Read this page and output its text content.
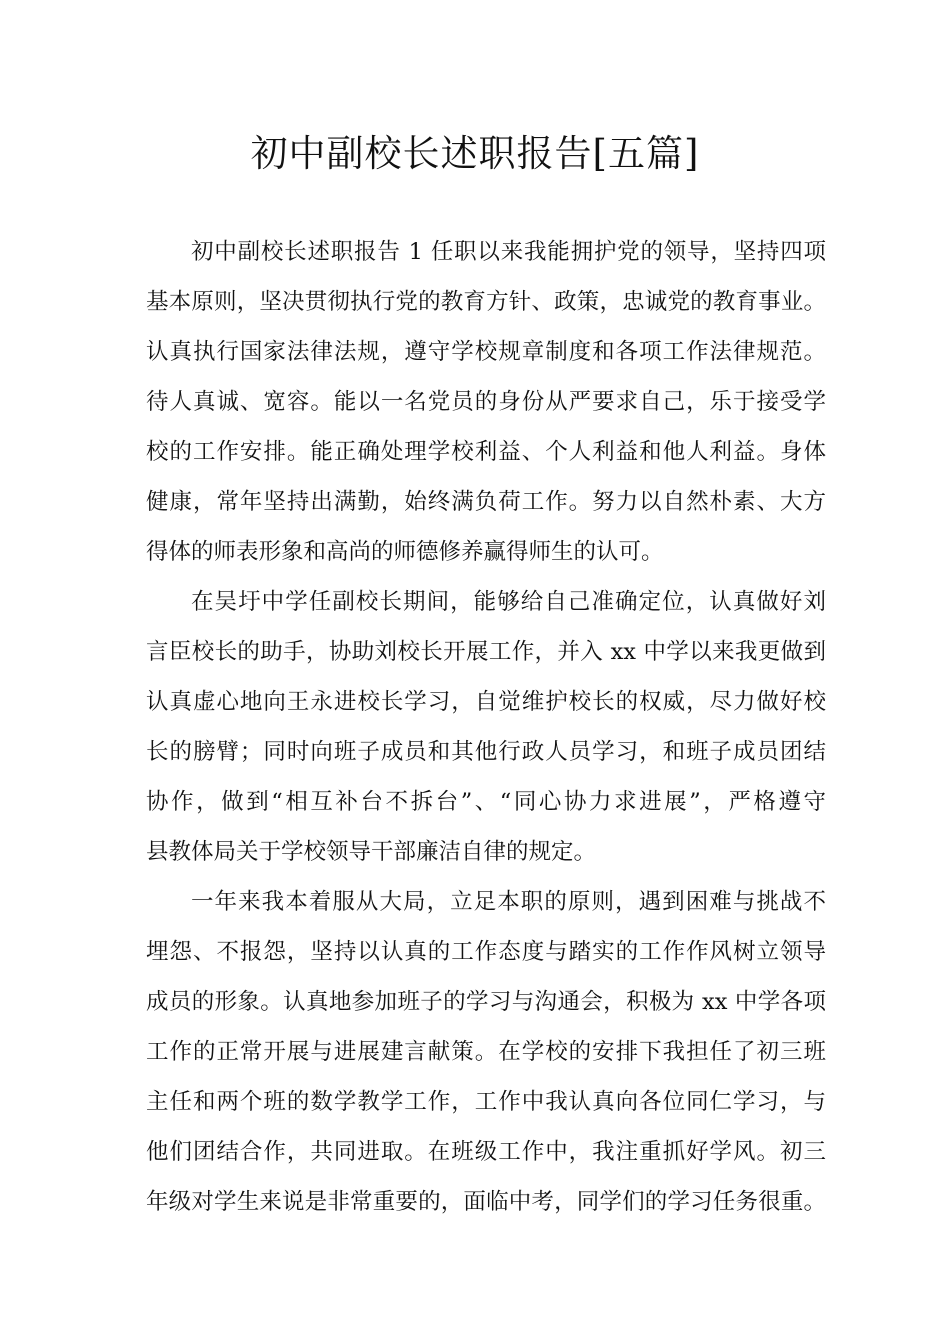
初中副校长述职报告[五篇]
初中副校长述职报告 1 任职以来我能拥护党的领导，坚持四项
基本原则，坚决贯彻执行党的教育方针、政策，忠诚党的教育事业。
认真执行国家法律法规，遵守学校规章制度和各项工作法律规范。
待人真诚、宽容。能以一名党员的身份从严要求自己，乐于接受学
校的工作安排。能正确处理学校利益、个人利益和他人利益。身体
健康，常年坚持出满勤，始终满负荷工作。努力以自然朴素、大方
得体的师表形象和高尚的师德修养赢得师生的认可。
在吴圩中学任副校长期间，能够给自己准确定位，认真做好刘
言臣校长的助手，协助刘校长开展工作，并入 xx 中学以来我更做到
认真虚心地向王永进校长学习，自觉维护校长的权威，尽力做好校
长的膀臂；同时向班子成员和其他行政人员学习，和班子成员团结
协作，做到“相互补台不拆台”、“同心协力求进展”，严格遵守
县教体局关于学校领导干部廉洁自律的规定。
一年来我本着服从大局，立足本职的原则，遇到困难与挑战不
埋怨、不报怨，坚持以认真的工作态度与踏实的工作作风树立领导
成员的形象。认真地参加班子的学习与沟通会，积极为 xx 中学各项
工作的正常开展与进展建言献策。在学校的安排下我担任了初三班
主任和两个班的数学教学工作，工作中我认真向各位同仁学习，与
他们团结合作，共同进取。在班级工作中，我注重抓好学风。初三
年级对学生来说是非常重要的，面临中考，同学们的学习任务很重。
